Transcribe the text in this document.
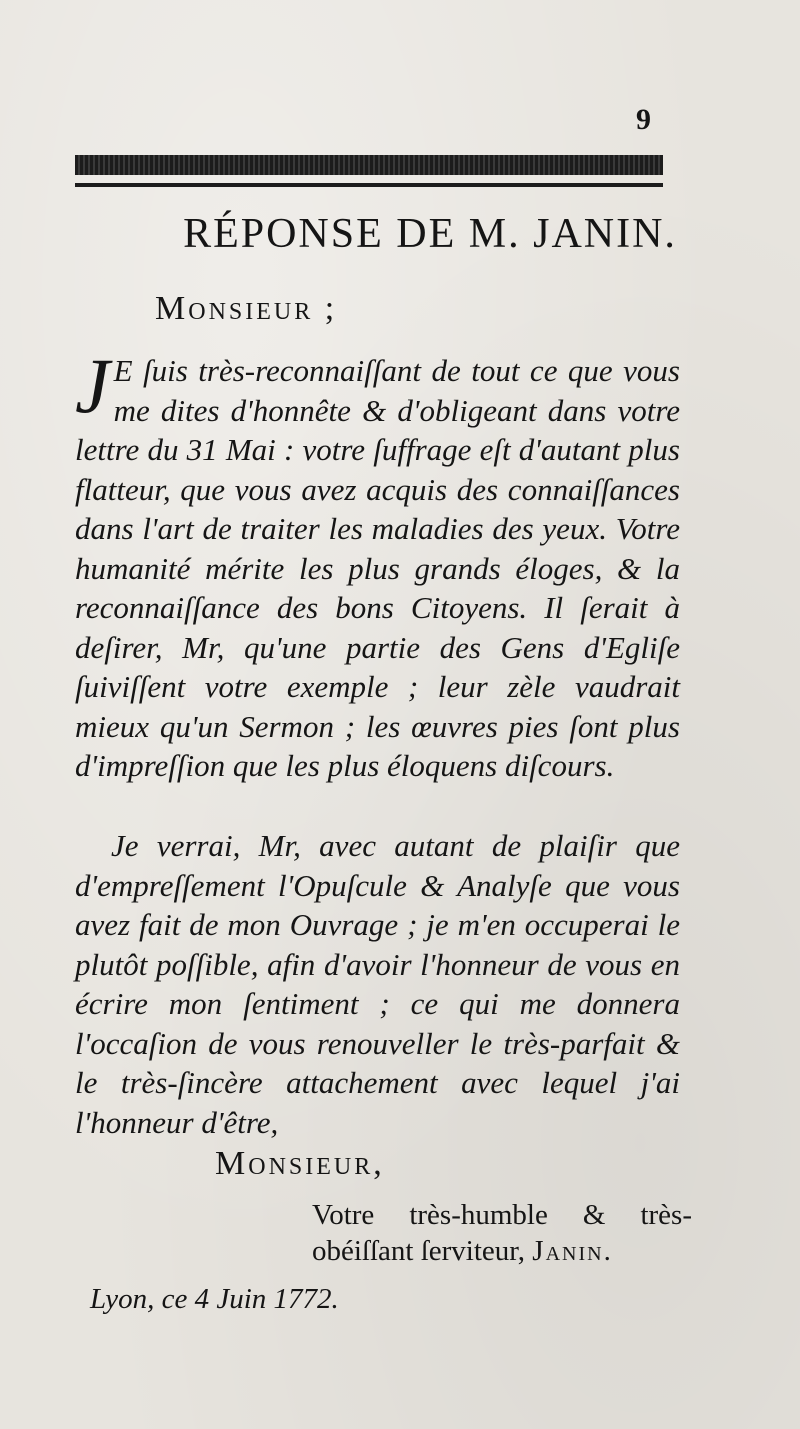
9
RÉPONSE DE M. JANIN.
Monsieur ;
J E ſuis très-reconnaiſſant de tout ce que vous me dites d'honnête & d'obligeant dans votre lettre du 31 Mai : votre ſuffrage eſt d'autant plus flatteur, que vous avez acquis des connaiſſances dans l'art de traiter les maladies des yeux. Votre humanité mérite les plus grands éloges, & la reconnaiſſance des bons Citoyens. Il ſerait à deſirer, Mr, qu'une partie des Gens d'Egliſe ſuiviſſent votre exemple ; leur zèle vaudrait mieux qu'un Sermon ; les œuvres pies ſont plus d'impreſſion que les plus éloquens diſcours.
Je verrai, Mr, avec autant de plaiſir que d'empreſſement l'Opuſcule & Analyſe que vous avez fait de mon Ouvrage ; je m'en occuperai le plutôt poſſible, afin d'avoir l'honneur de vous en écrire mon ſentiment ; ce qui me donnera l'occaſion de vous renouveller le très-parfait & le très-ſincère attachement avec lequel j'ai l'honneur d'être,
Monsieur,
Votre très-humble & très-obéiſſant ſerviteur, Janin.
Lyon, ce 4 Juin 1772.
